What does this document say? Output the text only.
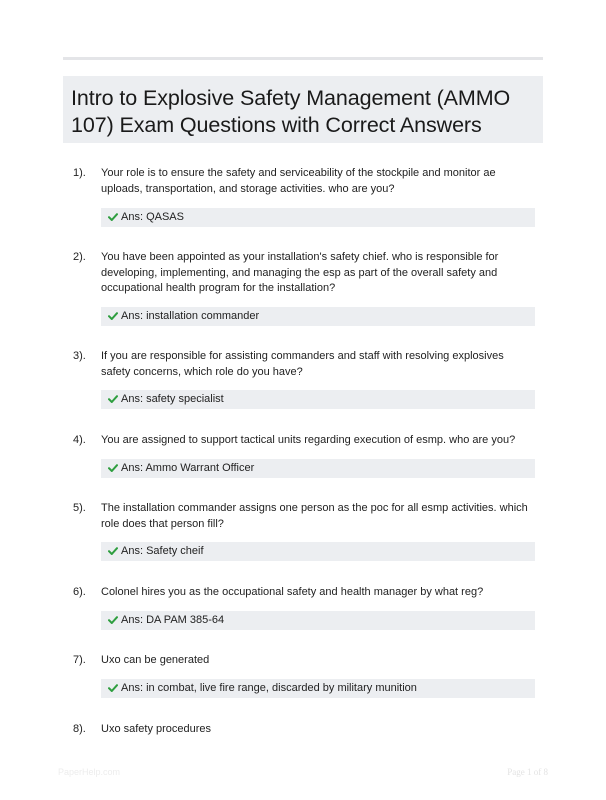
Intro to Explosive Safety Management (AMMO 107) Exam Questions with Correct Answers
1). Your role is to ensure the safety and serviceability of the stockpile and monitor ae uploads, transportation, and storage activities. who are you?
Ans: QASAS
2). You have been appointed as your installation's safety chief. who is responsible for developing, implementing, and managing the esp as part of the overall safety and occupational health program for the installation?
Ans: installation commander
3). If you are responsible for assisting commanders and staff with resolving explosives safety concerns, which role do you have?
Ans: safety specialist
4). You are assigned to support tactical units regarding execution of esmp. who are you?
Ans: Ammo Warrant Officer
5). The installation commander assigns one person as the poc for all esmp activities. which role does that person fill?
Ans: Safety cheif
6). Colonel hires you as the occupational safety and health manager by what reg?
Ans: DA PAM 385-64
7). Uxo can be generated
Ans: in combat, live fire range, discarded by military munition
8). Uxo safety procedures
PaperHelp.com	Page 1 of 8
